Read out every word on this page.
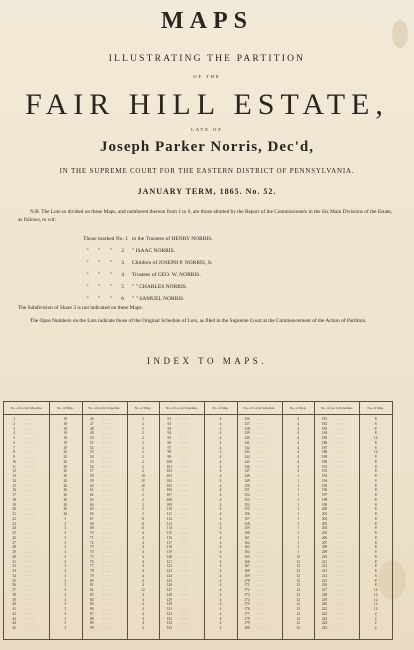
MAPS
ILLUSTRATING THE PARTITION
OF THE
FAIR HILL ESTATE,
LATE OF
Joseph Parker Norris, Dec'd,
IN THE SUPREME COURT FOR THE EASTERN DISTRICT OF PENNSYLVANIA.
JANUARY TERM, 1865. No. 52.
N.B. The Lots so divided on these Maps, and numbered thereon from 1 to 6, are those allotted by the Report of the Commissioners in the Six Main Divisions of the Estate, as follows, to wit:
Those marked No. 1 to the Trustees of HENRY NORRIS.
" " " 2 " ISAAC NORRIS.
" " " 3 Children of JOSEPH P. NORRIS, Jr.
" " " 4 Trustees of GEO. W. NORRIS.
" " " 5 " " CHARLES NORRIS.
" " " 6 " " SAMUEL NORRIS.
The Subdivision of Share 3 is not indicated on these Maps.
The Opus Numbers on the Lots indicate those of the Original Schedule of Lots, as filed in the Supreme Court at the Commencement of the Action of Partition.
INDEX TO MAPS.
No. of Lot in Schedule.	No. of Map.
1	......	18
2	......	18
3	......	18
4	......	18
5	......	18
6	......	18
7	......	18
8	......	20
9	......	20
10	......	20
11	......	20
12	......	20
13	......	20
14	......	20
15	......	20
16	......	20
17	......	20
18	......	20
19	......	20
20	......	20
21	......	20
22	......	3
23	......	3
24	......	3
25	......	3
26	......	3
27	......	3
28	......	3
29	......	3
30	......	3
31	......	3
32	......	3
33	......	3
34	......	3
35	......	3
36	......	3
37	......	3
38	......	3
39	......	3
40	......	3
41	......	3
42	......	3
43	......	3
44	......	3
45	......	3
No. of Lot in Schedule.	No. of Map.
46	......	2
47	......	2
48	......	2
49	......	2
50	......	2
51	......	2
52	......	2
53	......	2
54	......	2
55	......	2
56	......	2
57	......	2
58	......	10
59	......	10
60	......	10
61	......	2
62	......	2
63	......	2
64	......	2
65	......	2
66	......	2
67	......	11
68	......	11
69	......	11
70	......	4
71	......	4
72	......	4
73	......	4
74	......	4
75	......	4
76	......	4
77	......	4
78	......	4
79	......	4
80	......	4
81	......	4
82	......	12
83	......	4
84	......	4
85	......	4
86	......	4
87	......	4
88	......	4
89	......	4
90	......	4
No. of Lot in Schedule.	No. of Map.
91	......	4
92	......	4
93	......	4
94	......	4
95	......	4
96	......	4
97	......	4
98	......	4
99	......	4
100	......	4
101	......	4
102	......	4
103	......	4
104	......	4
105	......	4
106	......	4
107	......	4
108	......	4
109	......	4
110	......	4
111	......	4
112	......	4
113	......	4
114	......	4
115	......	4
116	......	4
117	......	4
118	......	4
119	......	4
120	......	4
121	......	4
122	......	4
123	......	4
124	......	4
125	......	4
126	......	4
127	......	4
128	......	4
129	......	4
130	......	4
131	......	4
132	......	4
133	......	4
134	......	4
135	......	4
No. of Lot in Schedule.	No. of Map.
136	......	4
137	......	4
138	......	4
139	......	4
140	......	4
141	......	4
142	......	4
143	......	4
144	......	4
145	......	4
146	......	4
147	......	4
148	......	1
149	......	1
150	......	1
151	......	1
152	......	1
153	......	1
154	......	1
155	......	1
156	......	1
157	......	1
158	......	1
159	......	1
160	......	1
161	......	1
162	......	1
163	......	1
164	......	1
165	......	12
166	......	12
167	......	12
168	......	12
169	......	12
170	......	12
171	......	12
172	......	12
173	......	12
174	......	12
175	......	12
176	......	12
177	......	12
178	......	12
179	......	12
180	......	12
No. of Lot in Schedule.	No. of Map.
181	......	8
182	......	8
183	......	8
184	......	8
185	......	12
186	......	8
187	......	8
188	......	12
189	......	8
190	......	8
191	......	8
192	......	8
193	......	8
194	......	8
195	......	8
196	......	8
197	......	8
198	......	8
199	......	8
200	......	8
201	......	8
202	......	8
203	......	8
204	......	8
205	......	8
206	......	8
207	......	8
208	......	8
209	......	8
210	......	8
211	......	8
212	......	8
213	......	8
214	......	8
215	......	8
216	......	8
217	......	12
218	......	12
219	......	12
220	......	12
221	......	12
222	......	2
223	......	2
224	......	2
225	......	2
